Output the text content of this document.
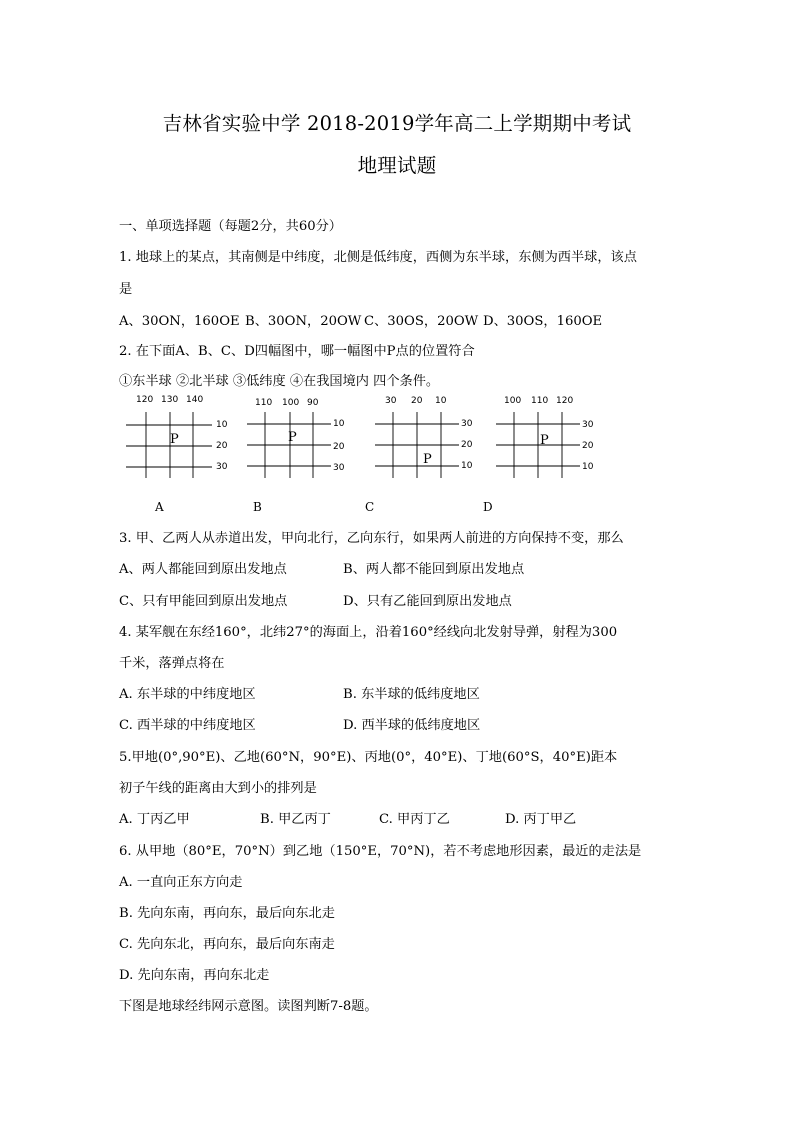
吉林省实验中学 2018-2019学年高二上学期期中考试
地理试题
一、单项选择题（每题2分，共60分）
1. 地球上的某点，其南侧是中纬度，北侧是低纬度，西侧为东半球，东侧为西半球，该点
是
A、30ON，160OE B、30ON，20OW C、30OS，20OW D、30OS，160OE
2. 在下面A、B、C、D四幅图中，哪一幅图中P点的位置符合
①东半球 ②北半球 ③低纬度 ④在我国境内 四个条件。
120 130 140
10
20
30
P
A
110 100 90
10
20
30
P
B
30 20 10
30
20
10
P
C
100 110 120
30
20
10
P
D
3. 甲、乙两人从赤道出发，甲向北行，乙向东行，如果两人前进的方向保持不变，那么
A、两人都能回到原出发地点	B、两人都不能回到原出发地点
C、只有甲能回到原出发地点	D、只有乙能回到原出发地点
4. 某军舰在东经160°，北纬27°的海面上，沿着160°经线向北发射导弹，射程为300
千米，落弹点将在
A. 东半球的中纬度地区	B. 东半球的低纬度地区
C. 西半球的中纬度地区	D. 西半球的低纬度地区
5.甲地(0°,90°E)、乙地(60°N，90°E)、丙地(0°，40°E)、丁地(60°S，40°E)距本
初子午线的距离由大到小的排列是
A. 丁丙乙甲	B. 甲乙丙丁	C. 甲丙丁乙	D. 丙丁甲乙
6. 从甲地（80°E，70°N）到乙地（150°E，70°N)，若不考虑地形因素，最近的走法是
A. 一直向正东方向走
B. 先向东南，再向东，最后向东北走
C. 先向东北，再向东，最后向东南走
D. 先向东南，再向东北走
下图是地球经纬网示意图。读图判断7-8题。
